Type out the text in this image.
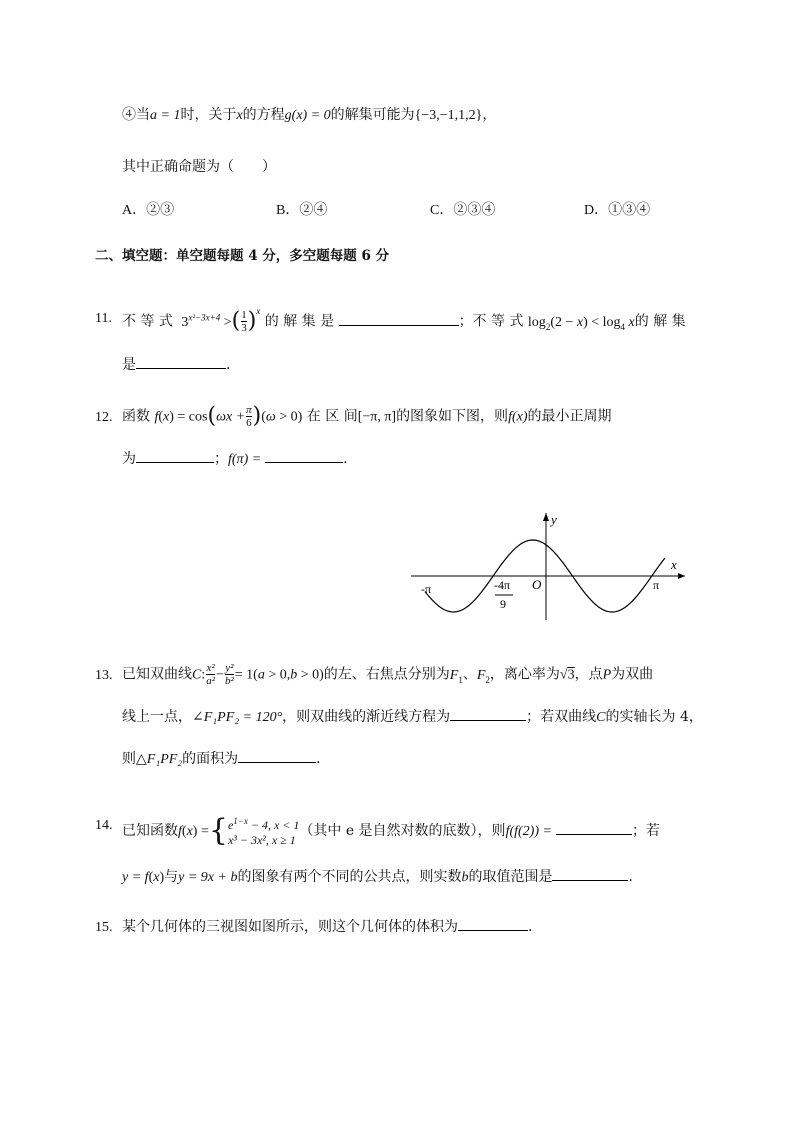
④当a = 1时，关于x的方程g(x) = 0的解集可能为{−3,−1,1,2}，
其中正确命题为（　　）
A．②③	B．②④	C．②③④	D．①③④
二、填空题：单空题每题 4 分，多空题每题 6 分
11. 不 等 式 $3^{x^2-3x+4}$ >( $\frac{1}{3} )^x$ 的 解 集 是	；不 等 式 $\log_2(2 - x) < \log_4 x$的 解 集
是	．
12. 函数 $f(x) = \cos(\omega x + \frac{\pi}{6} )(\omega > 0)$ 在 区 间[−π, π]的图象如下图，则f(x)的最小正周期
为	；f(π) =	．
x
y
-π	π
O
-4π
9
13. 已知双曲线C: $\frac{\text{x²}}{\text{a²}} - \frac{\text{y²}}{\text{b²}} = 1(a > 0,b > 0)$的左、右焦点分别为$F_1$、$F_2$，离心率为√3，点P为双曲
线上一点，∠F₁PF₂ = 120°，则双曲线的渐近线方程为	；若双曲线C的实轴长为 4，
则△F₁PF₂的面积为	．
14. 已知函数f(x) ={ $e^{1-x} - 4$, x < 1
x³ − 3x², x ≥ 1
（其中 e 是自然对数的底数），则f(f(2)) =	；若
y = f(x)与y = 9x + b的图象有两个不同的公共点，则实数b的取值范围是	．
15. 某个几何体的三视图如图所示，则这个几何体的体积为	．
